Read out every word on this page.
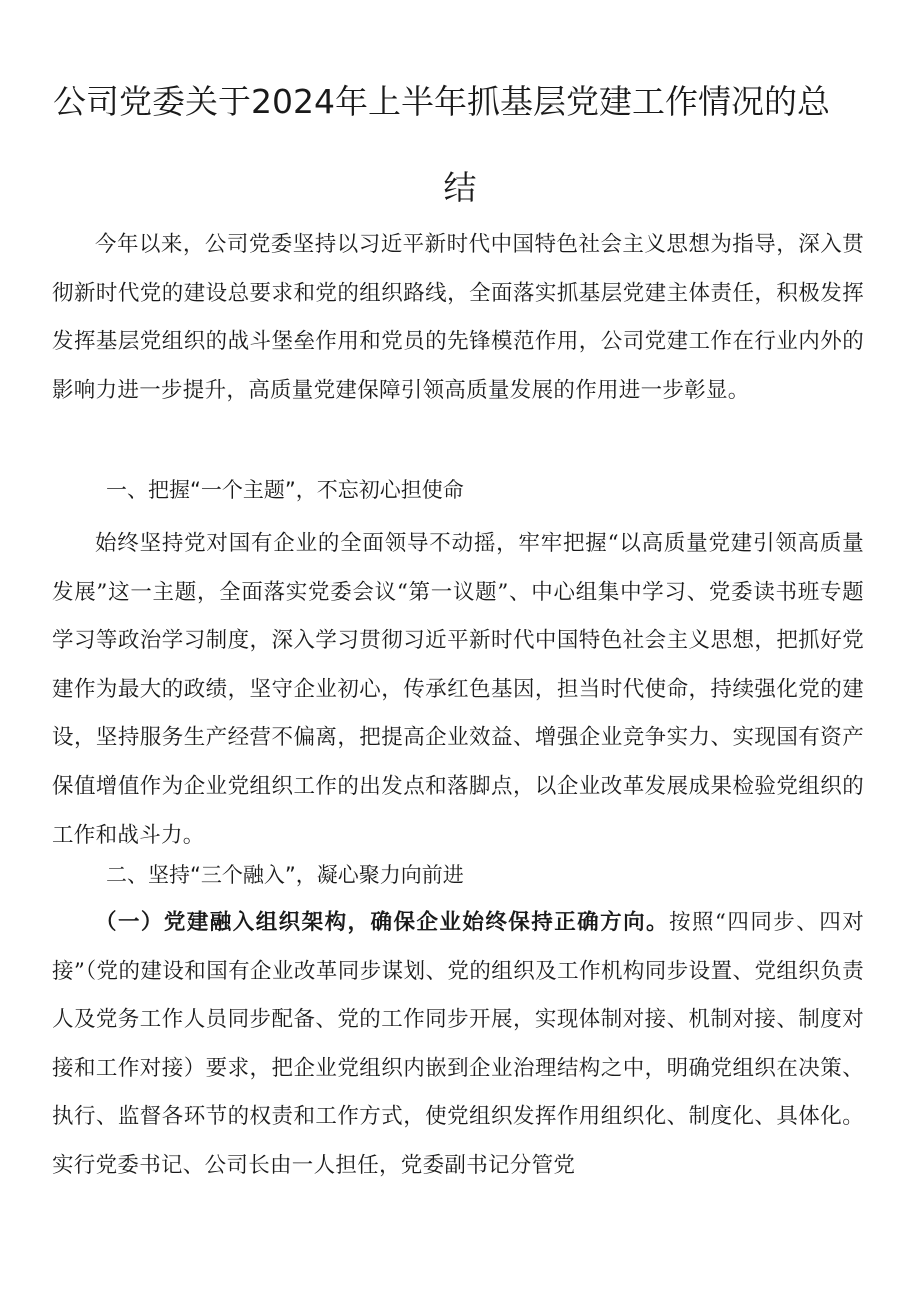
公司党委关于2024年上半年抓基层党建工作情况的总
结

今年以来，公司党委坚持以习近平新时代中国特色社会主义思想为指导，深入贯彻新时代党的建设总要求和党的组织路线，全面落实抓基层党建主体责任，积极发挥发挥基层党组织的战斗堡垒作用和党员的先锋模范作用，公司党建工作在行业内外的影响力进一步提升，高质量党建保障引领高质量发展的作用进一步彰显。

一、把握“一个主题”，不忘初心担使命

始终坚持党对国有企业的全面领导不动摇，牢牢把握“以高质量党建引领高质量发展”这一主题，全面落实党委会议“第一议题”、中心组集中学习、党委读书班专题学习等政治学习制度，深入学习贯彻习近平新时代中国特色社会主义思想，把抓好党建作为最大的政绩，坚守企业初心，传承红色基因，担当时代使命，持续强化党的建设，坚持服务生产经营不偏离，把提高企业效益、增强企业竞争实力、实现国有资产保值增值作为企业党组织工作的出发点和落脚点，以企业改革发展成果检验党组织的工作和战斗力。

二、坚持“三个融入”，凝心聚力向前进

（一）党建融入组织架构，确保企业始终保持正确方向。按照“四同步、四对接”（党的建设和国有企业改革同步谋划、党的组织及工作机构同步设置、党组织负责人及党务工作人员同步配备、党的工作同步开展，实现体制对接、机制对接、制度对接和工作对接）要求，把企业党组织内嵌到企业治理结构之中，明确党组织在决策、执行、监督各环节的权责和工作方式，使党组织发挥作用组织化、制度化、具体化。实行党委书记、公司长由一人担任，党委副书记分管党
